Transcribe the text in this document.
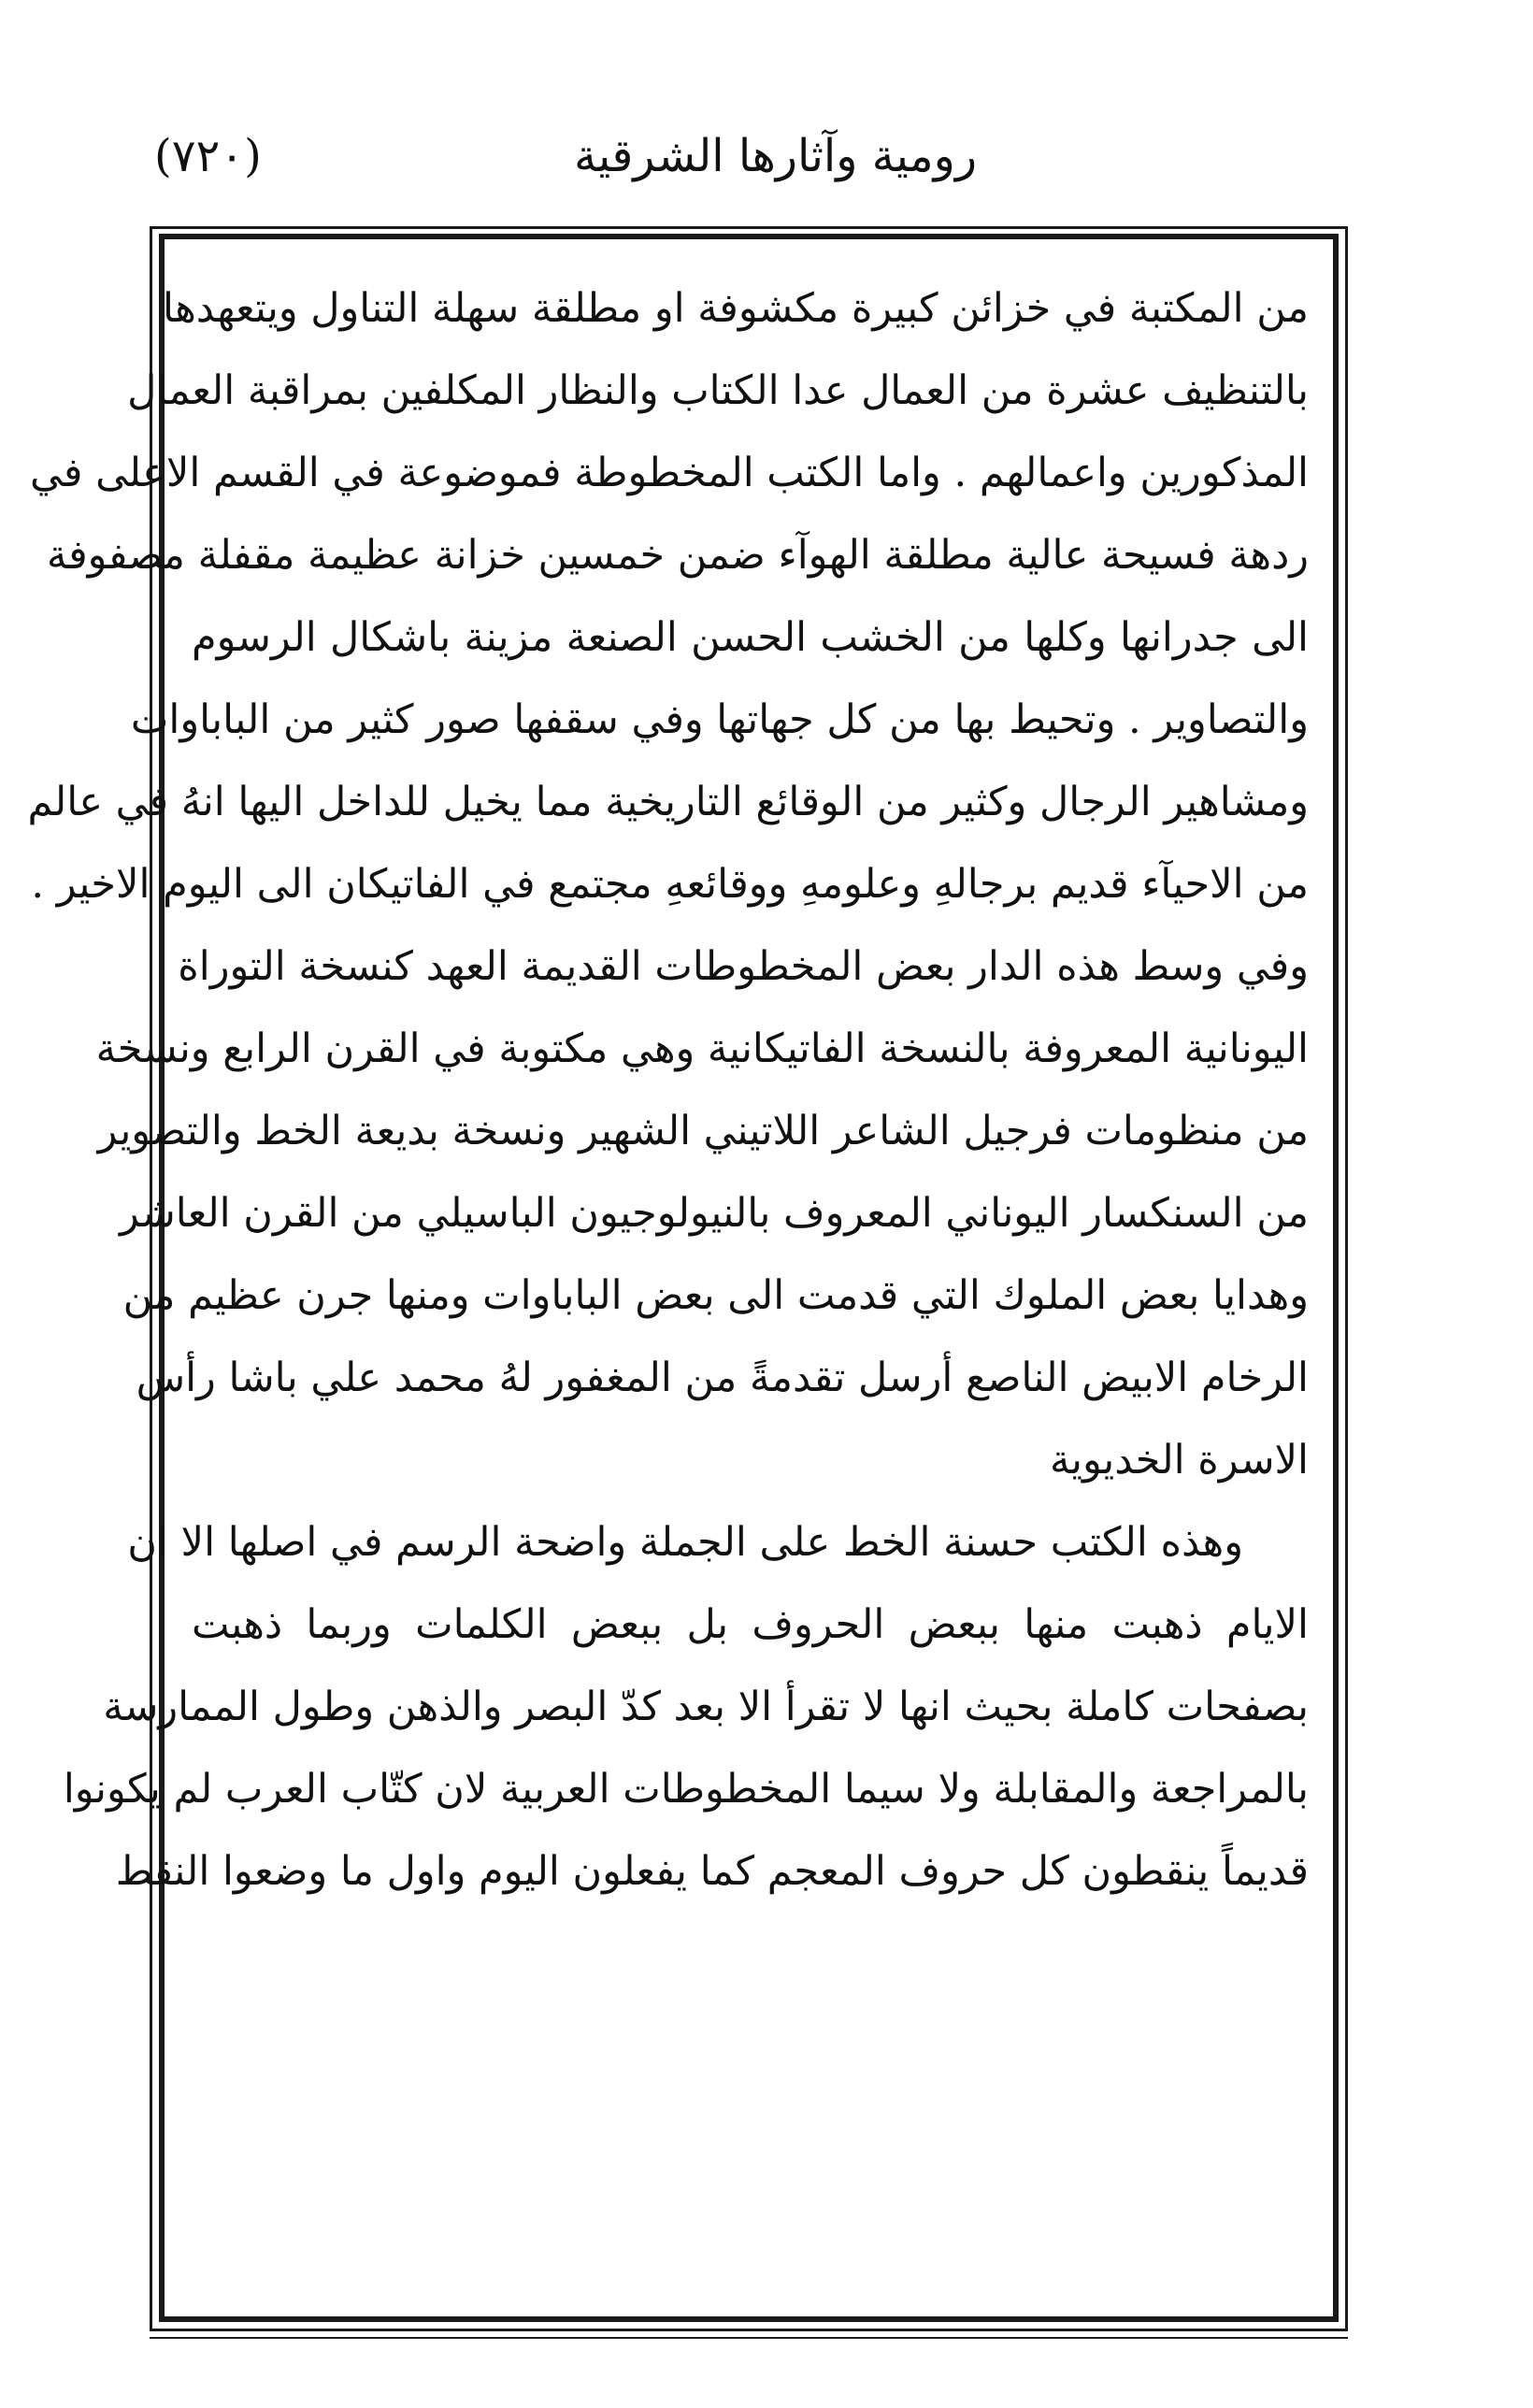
رومية وآثارها الشرقية
(٧٢٠)
من المكتبة في خزائن كبيرة مكشوفة او مطلقة سهلة التناول ويتعهدها
بالتنظيف عشرة من العمال عدا الكتاب والنظار المكلفين بمراقبة العمال
المذكورين واعمالهم . واما الكتب المخطوطة فموضوعة في القسم الاعلى في
ردهة فسيحة عالية مطلقة الهوآء ضمن خمسين خزانة عظيمة مقفلة مصفوفة
الى جدرانها وكلها من الخشب الحسن الصنعة مزينة باشكال الرسوم
والتصاوير . وتحيط بها من كل جهاتها وفي سقفها صور كثير من الباباوات
ومشاهير الرجال وكثير من الوقائع التاريخية مما يخيل للداخل اليها انهُ في عالم
من الاحيآء قديم برجالهِ وعلومهِ ووقائعهِ مجتمع في الفاتيكان الى اليوم الاخير .
وفي وسط هذه الدار بعض المخطوطات القديمة العهد كنسخة التوراة
اليونانية المعروفة بالنسخة الفاتيكانية وهي مكتوبة في القرن الرابع ونسخة
من منظومات فرجيل الشاعر اللاتيني الشهير ونسخة بديعة الخط والتصوير
من السنكسار اليوناني المعروف بالنيولوجيون الباسيلي من القرن العاشر
وهدايا بعض الملوك التي قدمت الى بعض الباباوات ومنها جرن عظيم من
الرخام الابيض الناصع أرسل تقدمةً من المغفور لهُ محمد علي باشا رأس
الاسرة الخديوية
وهذه الكتب حسنة الخط على الجملة واضحة الرسم في اصلها الا ان
الايام ذهبت منها ببعض الحروف بل ببعض الكلمات وربما ذهبت
بصفحات كاملة بحيث انها لا تقرأ الا بعد كدّ البصر والذهن وطول الممارسة
بالمراجعة والمقابلة ولا سيما المخطوطات العربية لان كتّاب العرب لم يكونوا
قديماً ينقطون كل حروف المعجم كما يفعلون اليوم واول ما وضعوا النقط
